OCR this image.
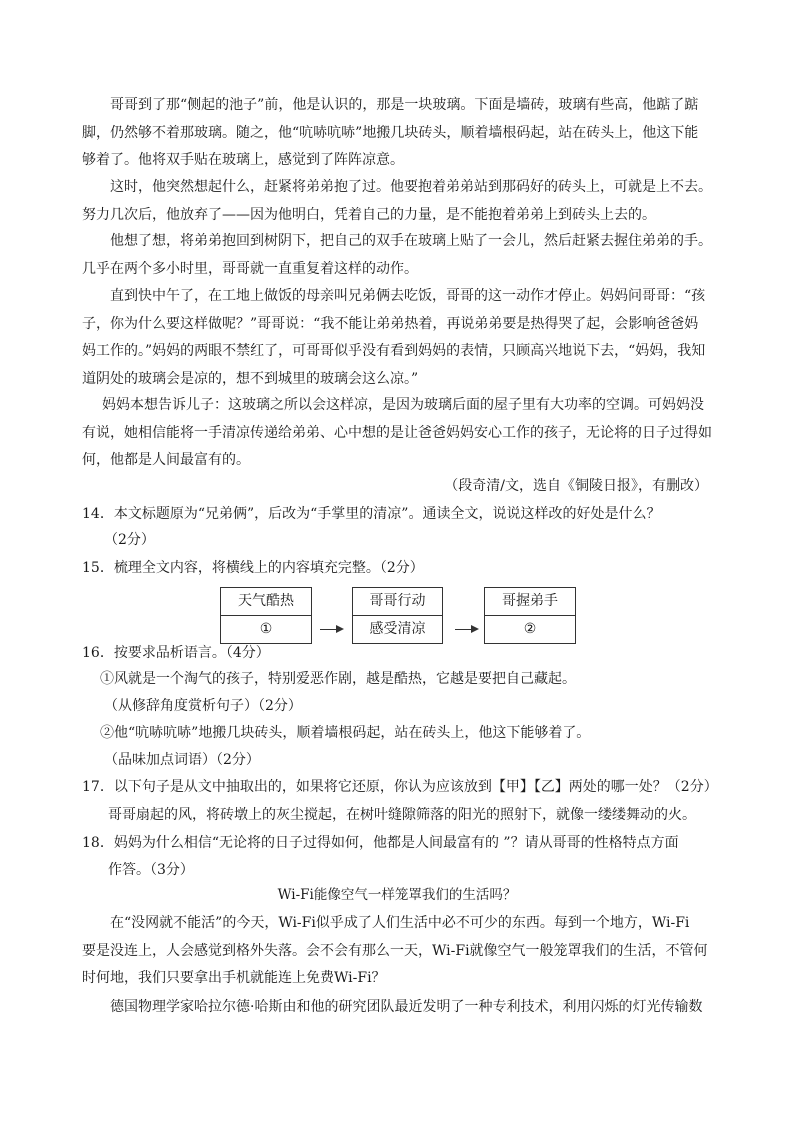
哥哥到了那“侧起的池子”前，他是认识的，那是一块玻璃。下面是墙砖，玻璃有些高，他踮了踮
脚，仍然够不着那玻璃。随之，他“吭哧吭哧”地搬几块砖头，顺着墙根码起，站在砖头上，他这下能
够着了。他将双手贴在玻璃上，感觉到了阵阵凉意。
这时，他突然想起什么，赶紧将弟弟抱了过。他要抱着弟弟站到那码好的砖头上，可就是上不去。
努力几次后，他放弃了——因为他明白，凭着自己的力量，是不能抱着弟弟上到砖头上去的。
他想了想，将弟弟抱回到树阴下，把自己的双手在玻璃上贴了一会儿，然后赶紧去握住弟弟的手。
几乎在两个多小时里，哥哥就一直重复着这样的动作。
直到快中午了，在工地上做饭的母亲叫兄弟俩去吃饭，哥哥的这一动作才停止。妈妈问哥哥：“孩
子，你为什么要这样做呢？”哥哥说：“我不能让弟弟热着，再说弟弟要是热得哭了起，会影响爸爸妈
妈工作的。”妈妈的两眼不禁红了，可哥哥似乎没有看到妈妈的表情，只顾高兴地说下去，“妈妈，我知
道阴处的玻璃会是凉的，想不到城里的玻璃会这么凉。”
妈妈本想告诉儿子：这玻璃之所以会这样凉，是因为玻璃后面的屋子里有大功率的空调。可妈妈没
有说，她相信能将一手清凉传递给弟弟、心中想的是让爸爸妈妈安心工作的孩子，无论将的日子过得如
何，他都是人间最富有的。
（段奇清/文，选自《铜陵日报》，有删改）

14．本文标题原为“兄弟俩”，后改为“手掌里的清凉”。通读全文，说说这样改的好处是什么？

（2分）

15．梳理全文内容，将横线上的内容填充完整。（2分）

天气酷热
①
哥哥行动
感受清凉
哥握弟手
②

16．按要求品析语言。（4分）

①风就是一个淘气的孩子，特别爱恶作剧，越是酷热，它越是要把自己藏起。

（从修辞角度赏析句子）（2分）

②他“吭哧吭哧”地搬几块砖头，顺着墙根码起，站在砖头上，他这下能够着了。

（品味加点词语）（2分）

17．以下句子是从文中抽取出的，如果将它还原，你认为应该放到【甲】【乙】两处的哪一处？（2分）

哥哥扇起的风，将砖墩上的灰尘搅起，在树叶缝隙筛落的阳光的照射下，就像一缕缕舞动的火。

18．妈妈为什么相信“无论将的日子过得如何，他都是人间最富有的 ”？请从哥哥的性格特点方面

作答。（3分）

Wi-Fi能像空气一样笼罩我们的生活吗？
在“没网就不能活”的今天，Wi-Fi似乎成了人们生活中必不可少的东西。每到一个地方，Wi-Fi
要是没连上，人会感觉到格外失落。会不会有那么一天，Wi-Fi就像空气一般笼罩我们的生活，不管何
时何地，我们只要拿出手机就能连上免费Wi-Fi？
德国物理学家哈拉尔德·哈斯由和他的研究团队最近发明了一种专利技术，利用闪烁的灯光传输数
